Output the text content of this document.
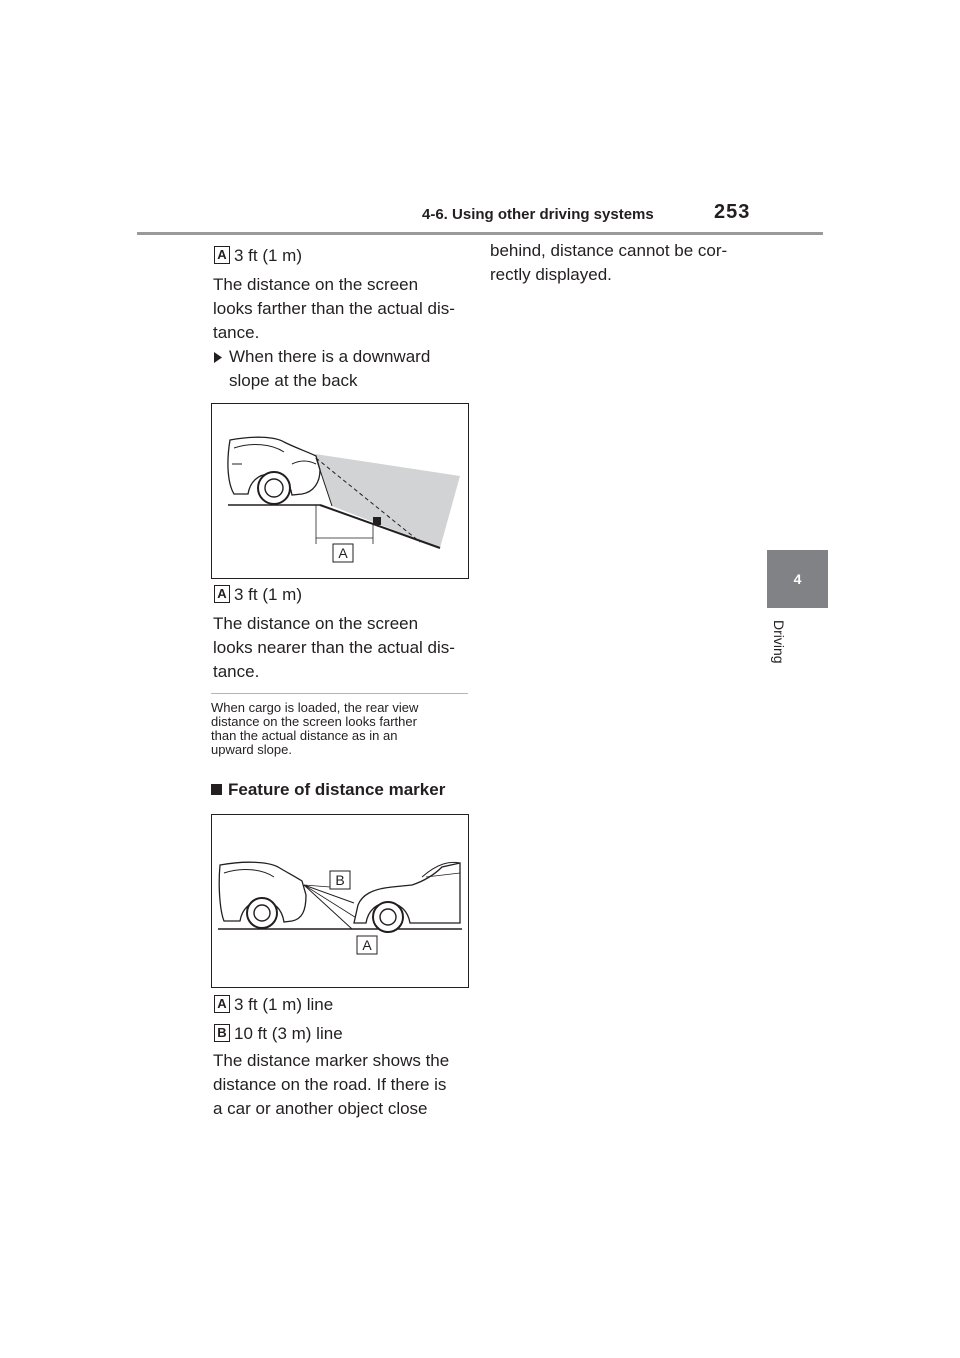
4-6. Using other driving systems	253
4
Driving
A 3 ft (1 m)
The distance on the screen
looks farther than the actual dis-
tance.
When there is a downward
slope at the back
A
A 3 ft (1 m)
The distance on the screen
looks nearer than the actual dis-
tance.
When cargo is loaded, the rear view
distance on the screen looks farther
than the actual distance as in an
upward slope.
Feature of distance marker
B
A
A 3 ft (1 m) line
B 10 ft (3 m) line
The distance marker shows the
distance on the road. If there is
a car or another object close
behind, distance cannot be cor-
rectly displayed.
